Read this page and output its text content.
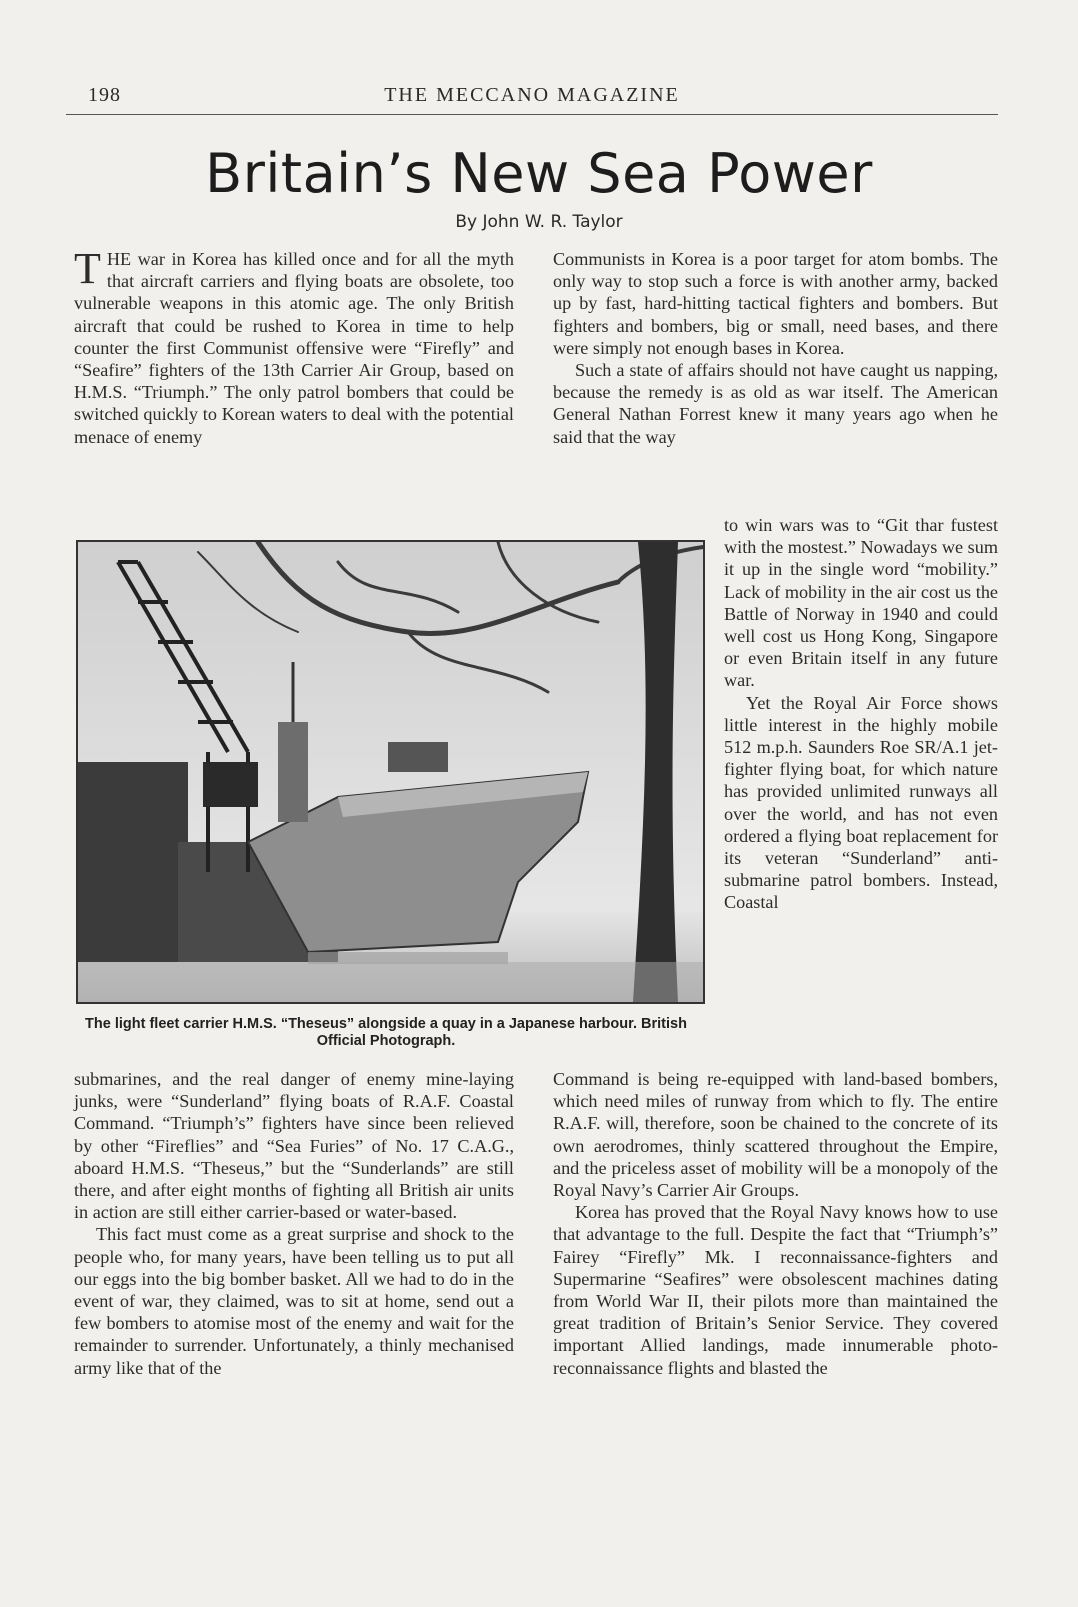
198	THE MECCANO MAGAZINE
Britain’s New Sea Power
By John W. R. Taylor

THE war in Korea has killed once and for all the myth that aircraft carriers and flying boats are obsolete, too vulnerable weapons in this atomic age. The only British aircraft that could be rushed to Korea in time to help counter the first Communist offensive were “Firefly” and “Seafire” fighters of the 13th Carrier Air Group, based on H.M.S. “Triumph.” The only patrol bombers that could be switched quickly to Korean waters to deal with the potential menace of enemy

Communists in Korea is a poor target for atom bombs. The only way to stop such a force is with another army, backed up by fast, hard-hitting tactical fighters and bombers. But fighters and bombers, big or small, need bases, and there were simply not enough bases in Korea.

Such a state of affairs should not have caught us napping, because the remedy is as old as war itself. The American General Nathan Forrest knew it many years ago when he said that the way

to win wars was to “Git thar fustest with the mostest.” Nowadays we sum it up in the single word “mobility.” Lack of mobility in the air cost us the Battle of Norway in 1940 and could well cost us Hong Kong, Singapore or even Britain itself in any future war.

Yet the Royal Air Force shows little interest in the highly mobile 512 m.p.h. Saunders Roe SR/A.1 jet-fighter flying boat, for which nature has provided unlimited runways all over the world, and has not even ordered a flying boat replacement for its veteran “Sunderland” anti-submarine patrol bombers. Instead, Coastal

The light fleet carrier H.M.S. “Theseus” alongside a quay in a Japanese harbour. British Official Photograph.

submarines, and the real danger of enemy mine-laying junks, were “Sunderland” flying boats of R.A.F. Coastal Command. “Triumph’s” fighters have since been relieved by other “Fireflies” and “Sea Furies” of No. 17 C.A.G., aboard H.M.S. “Theseus,” but the “Sunderlands” are still there, and after eight months of fighting all British air units in action are still either carrier-based or water-based.

This fact must come as a great surprise and shock to the people who, for many years, have been telling us to put all our eggs into the big bomber basket. All we had to do in the event of war, they claimed, was to sit at home, send out a few bombers to atomise most of the enemy and wait for the remainder to surrender. Unfortunately, a thinly mechanised army like that of the

Command is being re-equipped with land-based bombers, which need miles of runway from which to fly. The entire R.A.F. will, therefore, soon be chained to the concrete of its own aerodromes, thinly scattered throughout the Empire, and the priceless asset of mobility will be a monopoly of the Royal Navy’s Carrier Air Groups.

Korea has proved that the Royal Navy knows how to use that advantage to the full. Despite the fact that “Triumph’s” Fairey “Firefly” Mk. I reconnaissance-fighters and Supermarine “Seafires” were obsolescent machines dating from World War II, their pilots more than maintained the great tradition of Britain’s Senior Service. They covered important Allied landings, made innumerable photo-reconnaissance flights and blasted the
